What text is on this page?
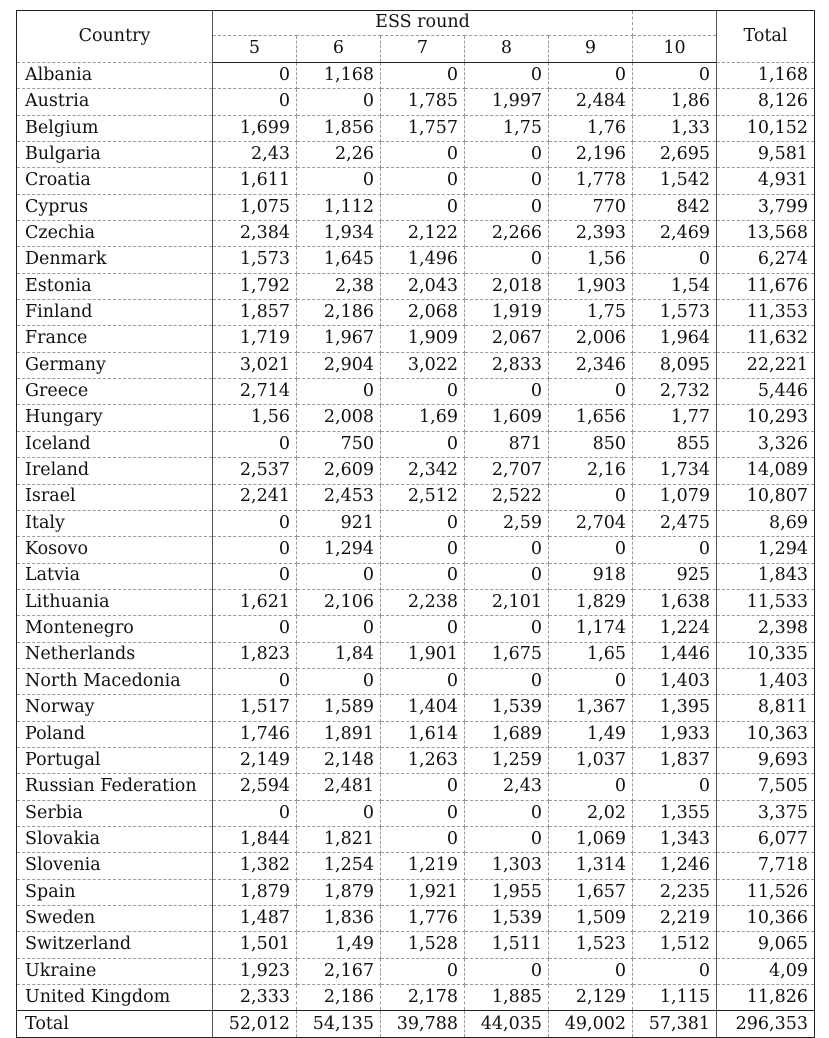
Country	ESS round						Total
	5	6	7	8	9	10	
Albania	0	1,168	0	0	0	0	1,168
Austria	0	0	1,785	1,997	2,484	1,86	8,126
Belgium	1,699	1,856	1,757	1,75	1,76	1,33	10,152
Bulgaria	2,43	2,26	0	0	2,196	2,695	9,581
Croatia	1,611	0	0	0	1,778	1,542	4,931
Cyprus	1,075	1,112	0	0	770	842	3,799
Czechia	2,384	1,934	2,122	2,266	2,393	2,469	13,568
Denmark	1,573	1,645	1,496	0	1,56	0	6,274
Estonia	1,792	2,38	2,043	2,018	1,903	1,54	11,676
Finland	1,857	2,186	2,068	1,919	1,75	1,573	11,353
France	1,719	1,967	1,909	2,067	2,006	1,964	11,632
Germany	3,021	2,904	3,022	2,833	2,346	8,095	22,221
Greece	2,714	0	0	0	0	2,732	5,446
Hungary	1,56	2,008	1,69	1,609	1,656	1,77	10,293
Iceland	0	750	0	871	850	855	3,326
Ireland	2,537	2,609	2,342	2,707	2,16	1,734	14,089
Israel	2,241	2,453	2,512	2,522	0	1,079	10,807
Italy	0	921	0	2,59	2,704	2,475	8,69
Kosovo	0	1,294	0	0	0	0	1,294
Latvia	0	0	0	0	918	925	1,843
Lithuania	1,621	2,106	2,238	2,101	1,829	1,638	11,533
Montenegro	0	0	0	0	1,174	1,224	2,398
Netherlands	1,823	1,84	1,901	1,675	1,65	1,446	10,335
North Macedonia	0	0	0	0	0	1,403	1,403
Norway	1,517	1,589	1,404	1,539	1,367	1,395	8,811
Poland	1,746	1,891	1,614	1,689	1,49	1,933	10,363
Portugal	2,149	2,148	1,263	1,259	1,037	1,837	9,693
Russian Federation	2,594	2,481	0	2,43	0	0	7,505
Serbia	0	0	0	0	2,02	1,355	3,375
Slovakia	1,844	1,821	0	0	1,069	1,343	6,077
Slovenia	1,382	1,254	1,219	1,303	1,314	1,246	7,718
Spain	1,879	1,879	1,921	1,955	1,657	2,235	11,526
Sweden	1,487	1,836	1,776	1,539	1,509	2,219	10,366
Switzerland	1,501	1,49	1,528	1,511	1,523	1,512	9,065
Ukraine	1,923	2,167	0	0	0	0	4,09
United Kingdom	2,333	2,186	2,178	1,885	2,129	1,115	11,826
Total	52,012	54,135	39,788	44,035	49,002	57,381	296,353
